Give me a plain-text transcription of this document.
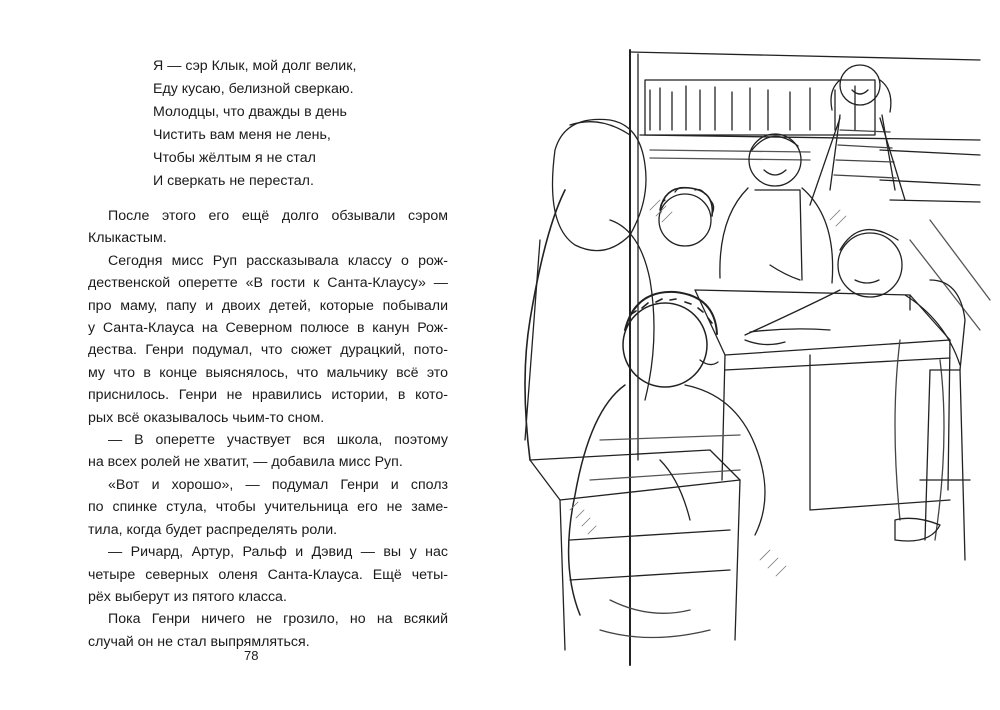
Я — сэр Клык, мой долг велик,
Еду кусаю, белизной сверкаю.
Молодцы, что дважды в день
Чистить вам меня не лень,
Чтобы жёлтым я не стал
И сверкать не перестал.

После этого его ещё долго обзывали сэром
Клыкастым.

Сегодня мисс Руп рассказывала классу о рож-
дественской оперетте «В гости к Санта-Клаусу» —
про маму, папу и двоих детей, которые побывали
у Санта-Клауса на Северном полюсе в канун Рож-
дества. Генри подумал, что сюжет дурацкий, пото-
му что в конце выяснялось, что мальчику всё это
приснилось. Генри не нравились истории, в кото-
рых всё оказывалось чьим-то сном.

— В оперетте участвует вся школа, поэтому
на всех ролей не хватит, — добавила мисс Руп.

«Вот и хорошо», — подумал Генри и сполз
по спинке стула, чтобы учительница его не заме-
тила, когда будет распределять роли.

— Ричард, Артур, Ральф и Дэвид — вы у нас
четыре северных оленя Санта-Клауса. Ещё четы-
рёх выберут из пятого класса.

Пока Генри ничего не грозило, но на всякий
случай он не стал выпрямляться.

78
